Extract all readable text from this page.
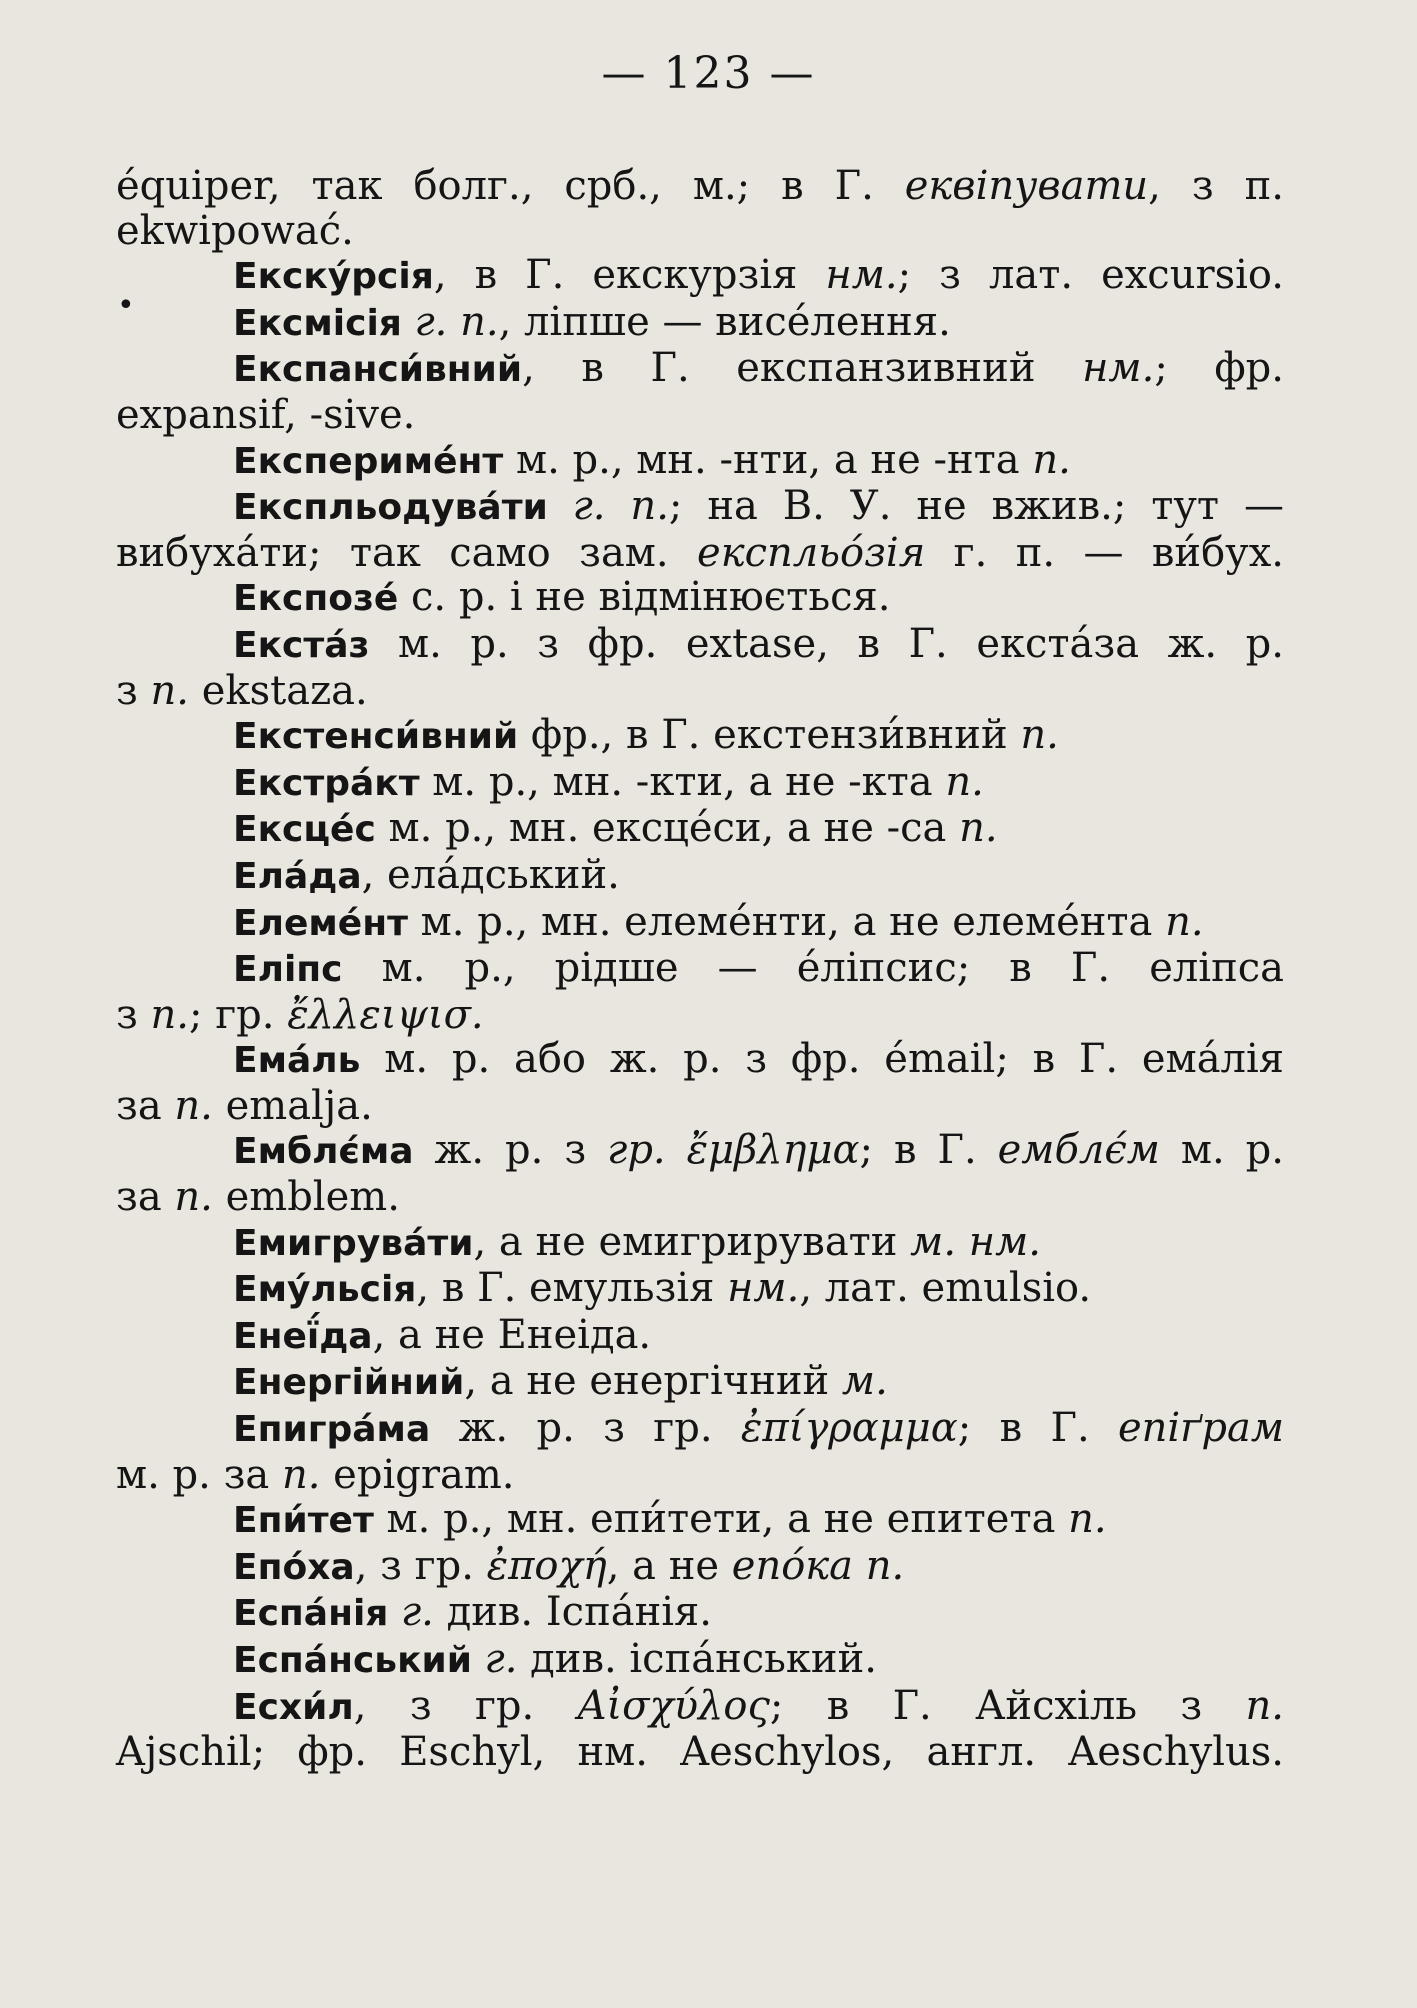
— 123 —
•
équiper, так болг., срб., м.; в Г. еквіпувати, з п.
ekwipować.
Екску́рсія, в Г. екскурзія нм.; з лат. excursio.
Ексмісія г. п., ліпше — висе́лення.
Експанси́вний, в Г. експанзивний нм.; фр.
expansif, -sive.
Експериме́нт м. р., мн. -нти, а не -нта п.
Експльодува́ти г. п.; на В. У. не вжив.; тут —
вибуха́ти; так само зам. експльо́зія г. п. — ви́бух.
Експозе́ с. р. і не відмінюється.
Екста́з м. р. з фр. extase, в Г. екста́за ж. р.
з п. ekstaza.
Екстенси́вний фр., в Г. екстензи́вний п.
Екстра́кт м. р., мн. -кти, а не -кта п.
Ексце́с м. р., мн. ексце́си, а не -са п.
Ела́да, ела́дський.
Елеме́нт м. р., мн. елеме́нти, а не елеме́нта п.
Еліпс м. р., рідше — е́ліпсис; в Г. еліпса
з п.; гр. ἔλλειψισ.
Ема́ль м. р. або ж. р. з фр. émail; в Г. ема́лія
за п. emalja.
Емблє́ма ж. р. з гр. ἔμβλημα; в Г. емблє́м м. р.
за п. emblem.
Емигрува́ти, а не емигрирувати м. нм.
Ему́льсія, в Г. емульзія нм., лат. emulsio.
Енеї́да, а не Енеіда.
Енергійний, а не енергічний м.
Епигра́ма ж. р. з гр. ἐπίγραμμα; в Г. епіґрам
м. р. за п. epigram.
Епи́тет м. р., мн. епи́тети, а не епитета п.
Епо́ха, з гр. ἐποχή, а не епо́ка п.
Еспа́нія г. див. Іспа́нія.
Еспа́нський г. див. іспа́нський.
Есхи́л, з гр. Αἰσχύλος; в Г. Айсхіль з п.
Ajschil; фр. Eschyl, нм. Aeschylos, англ. Aeschylus.
